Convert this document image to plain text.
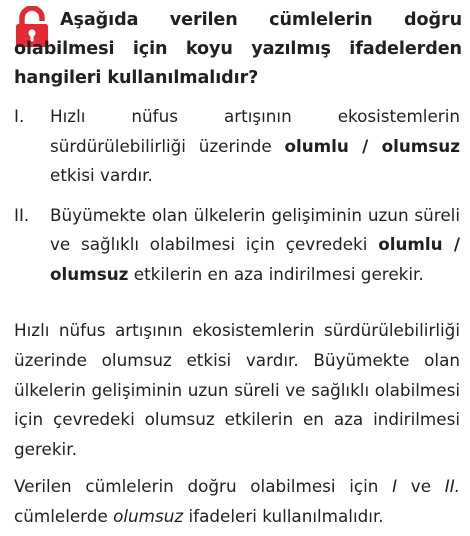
Aşağıda verilen cümlelerin doğru olabilmesi için koyu yazılmış ifadelerden hangileri kullanılmalıdır?
I.	Hızlı nüfus artışının ekosistemlerin sürdürülebilirliği üzerinde olumlu / olumsuz etkisi vardır.
II.	Büyümekte olan ülkelerin gelişiminin uzun süreli ve sağlıklı olabilmesi için çevredeki olumlu / olumsuz etkilerin en aza indirilmesi gerekir.

Hızlı nüfus artışının ekosistemlerin sürdürülebilirliği üzerinde olumsuz etkisi vardır. Büyümekte olan ülkelerin gelişiminin uzun süreli ve sağlıklı olabilmesi için çevredeki olumsuz etkilerin en aza indirilmesi gerekir.

Verilen cümlelerin doğru olabilmesi için I ve II. cümlelerde olumsuz ifadeleri kullanılmalıdır.
